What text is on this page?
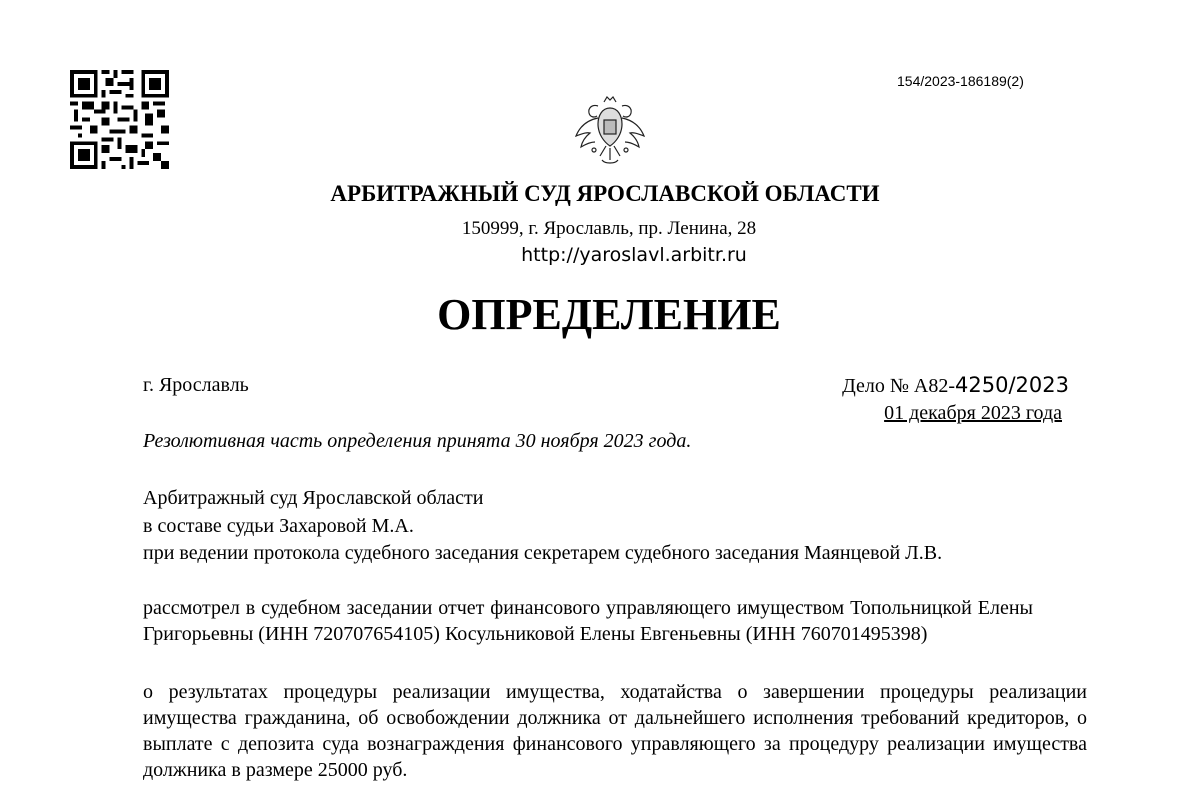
154/2023-186189(2)
АРБИТРАЖНЫЙ СУД ЯРОСЛАВСКОЙ ОБЛАСТИ
150999, г. Ярославль, пр. Ленина, 28
http://yaroslavl.arbitr.ru
ОПРЕДЕЛЕНИЕ
г. Ярославль	Дело № А82-4250/2023
01 декабря 2023 года
Резолютивная часть определения принята 30 ноября 2023 года.
Арбитражный суд Ярославской области
в составе судьи Захаровой М.А.
при ведении протокола судебного заседания секретарем судебного заседания Маянцевой Л.В.
рассмотрел в судебном заседании отчет финансового управляющего имуществом Топольницкой Елены Григорьевны (ИНН 720707654105) Косульниковой Елены Евгеньевны (ИНН 760701495398)
о результатах процедуры реализации имущества, ходатайства о завершении процедуры реализации имущества гражданина, об освобождении должника от дальнейшего исполнения требований кредиторов, о выплате с депозита суда вознаграждения финансового управляющего за процедуру реализации имущества должника в размере 25000 руб.
